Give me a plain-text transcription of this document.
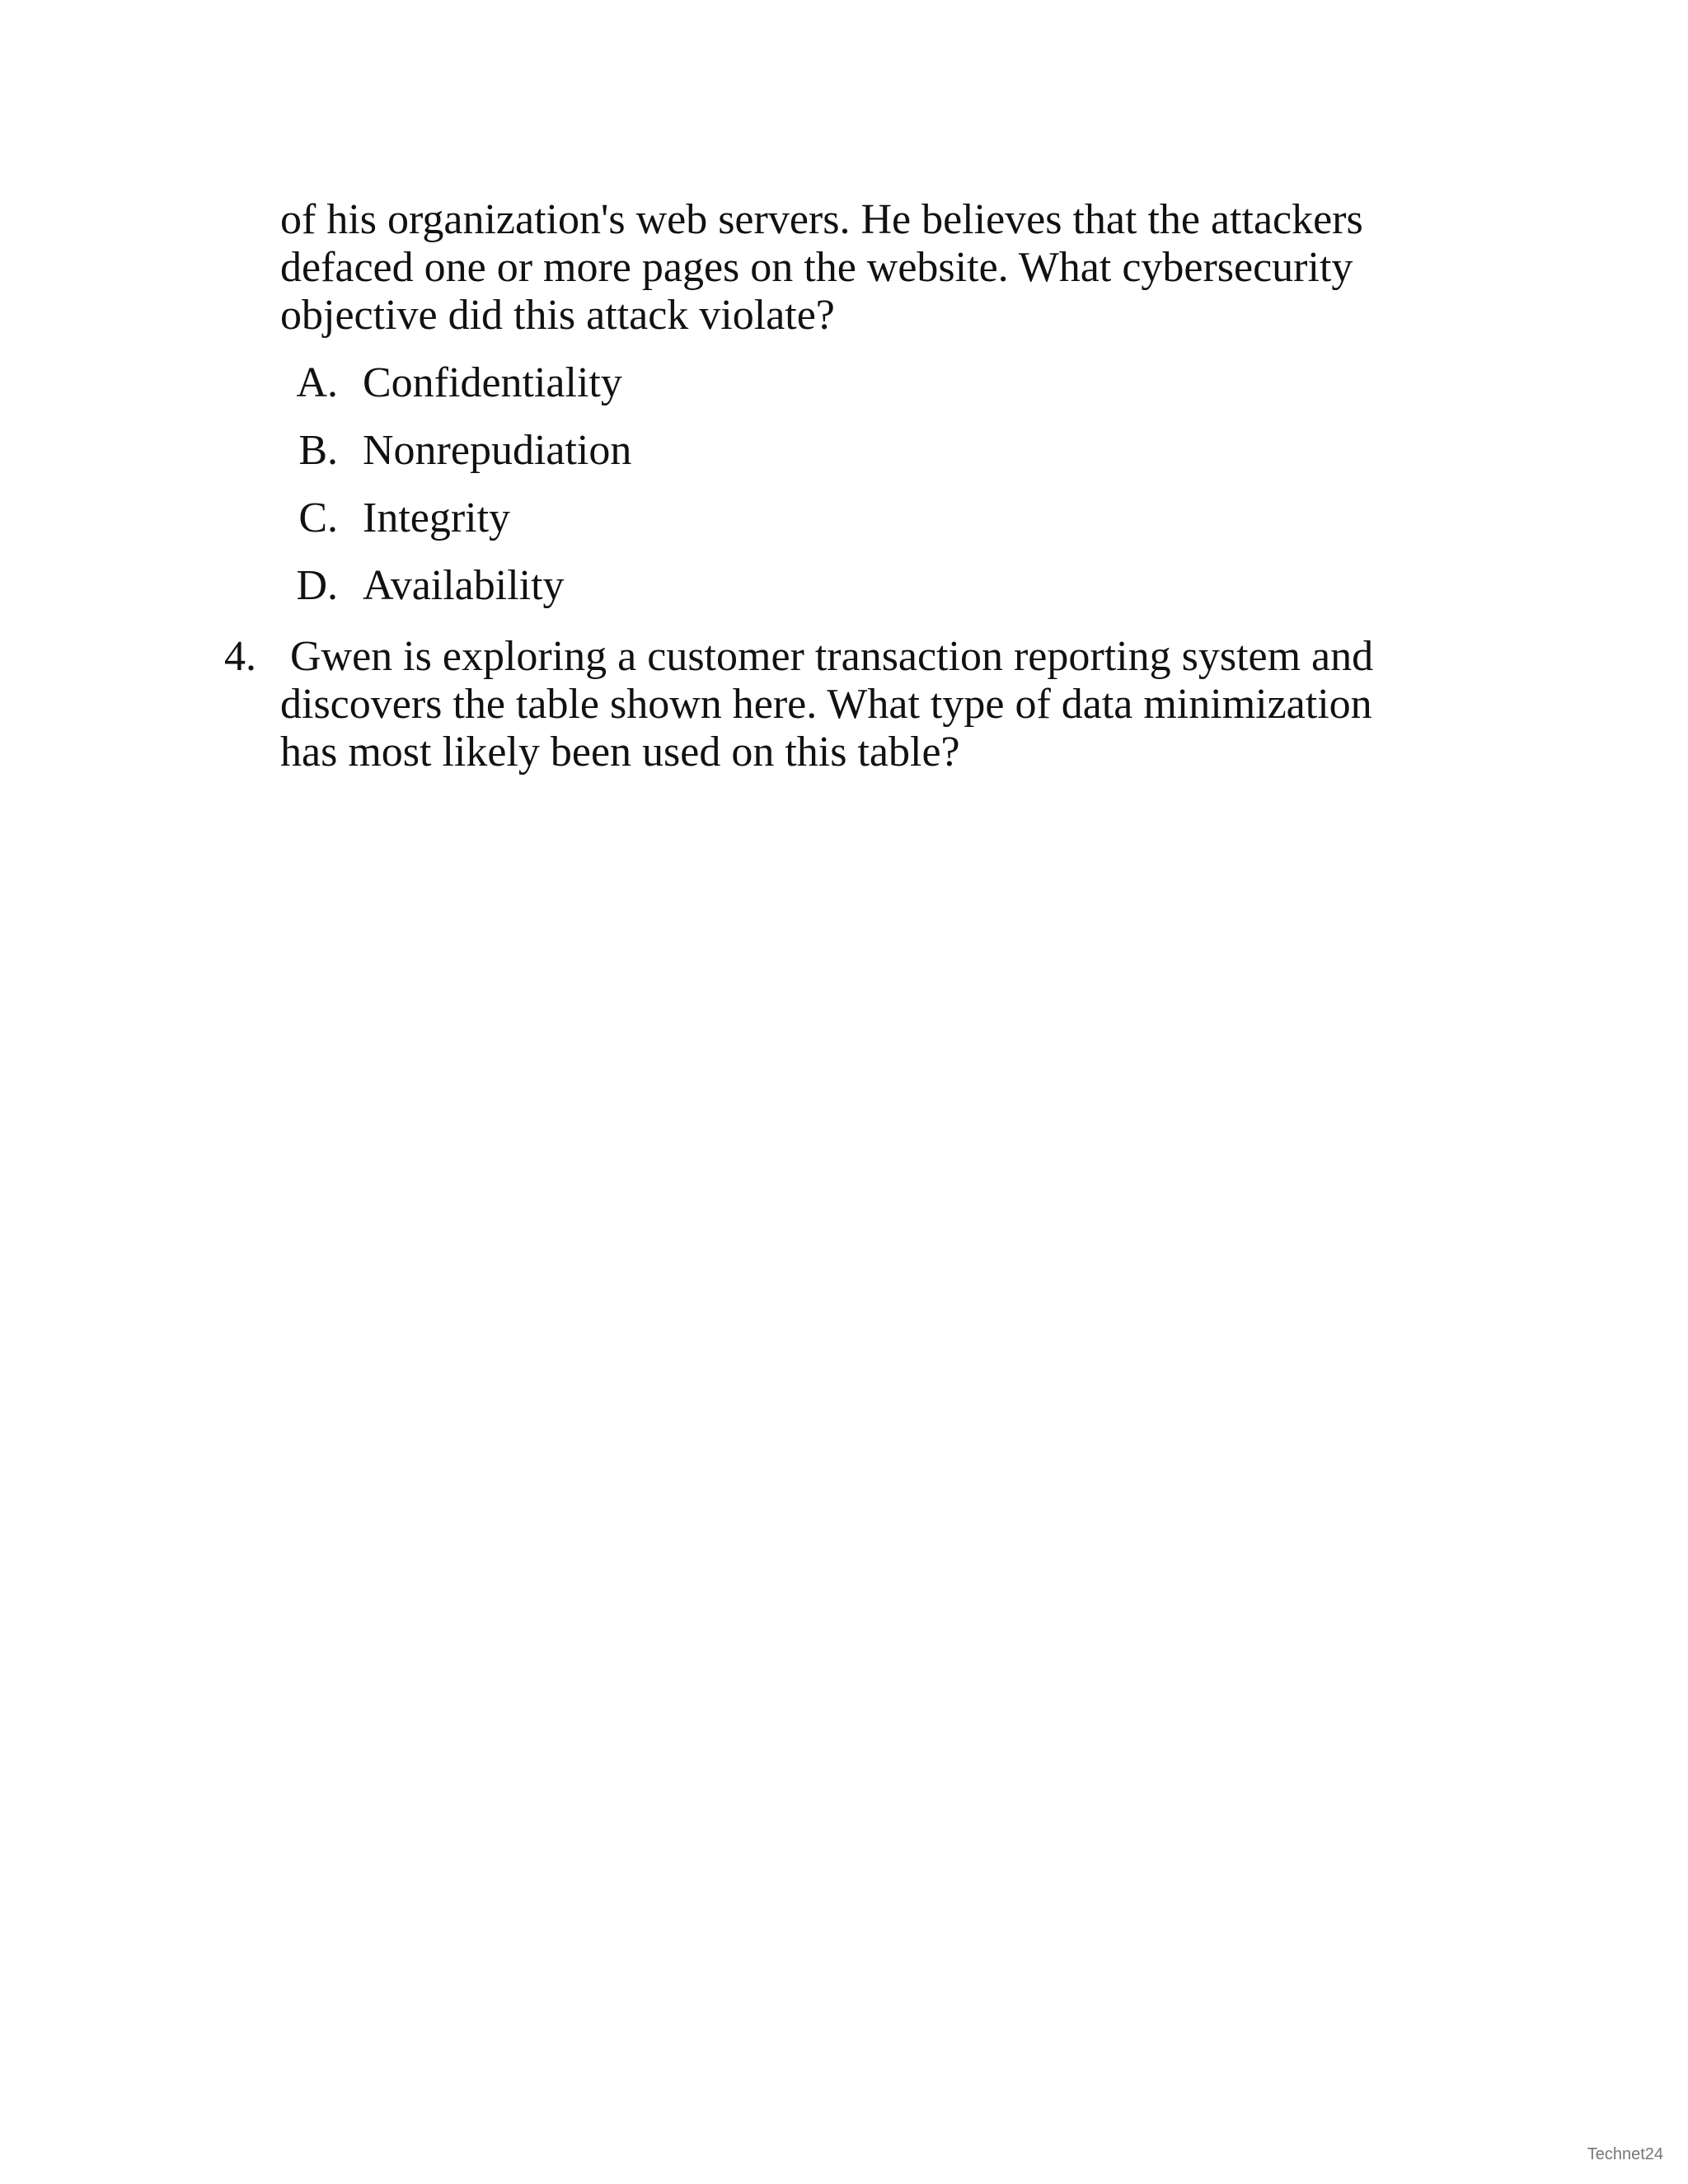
of his organization's web servers. He believes that the attackers
defaced one or more pages on the website. What cybersecurity
objective did this attack violate?
A. Confidentiality
B. Nonrepudiation
C. Integrity
D. Availability
4. Gwen is exploring a customer transaction reporting system and
discovers the table shown here. What type of data minimization
has most likely been used on this table?
Technet24
